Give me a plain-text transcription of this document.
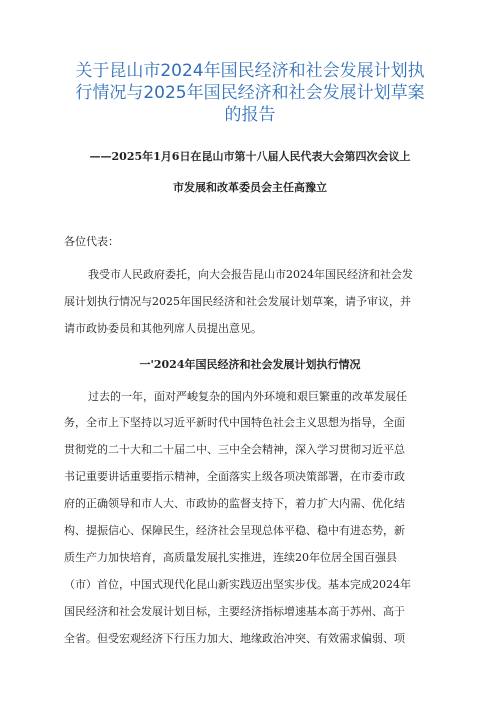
关于昆山市2024年国民经济和社会发展计划执
行情况与2025年国民经济和社会发展计划草案
的报告
——2025年1月6日在昆山市第十八届人民代表大会第四次会议上
市发展和改革委员会主任高豫立
各位代表：
我受市人民政府委托，向大会报告昆山市2024年国民经济和社会发
展计划执行情况与2025年国民经济和社会发展计划草案，请予审议，并
请市政协委员和其他列席人员提出意见。
一'2024年国民经济和社会发展计划执行情况
过去的一年，面对严峻复杂的国内外环境和艰巨繁重的改革发展任
务，全市上下坚持以习近平新时代中国特色社会主义思想为指导，全面
贯彻党的二十大和二十届二中、三中全会精神，深入学习贯彻习近平总
书记重要讲话重要指示精神，全面落实上级各项决策部署，在市委市政
府的正确领导和市人大、市政协的监督支持下，着力扩大内需、优化结
构、提振信心、保障民生，经济社会呈现总体平稳、稳中有进态势，新
质生产力加快培育，高质量发展扎实推进，连续20年位居全国百强县
（市）首位，中国式现代化昆山新实践迈出坚实步伐。基本完成2024年
国民经济和社会发展计划目标，主要经济指标增速基本高于苏州、高于
全省。但受宏观经济下行压力加大、地缘政治冲突、有效需求偏弱、项
